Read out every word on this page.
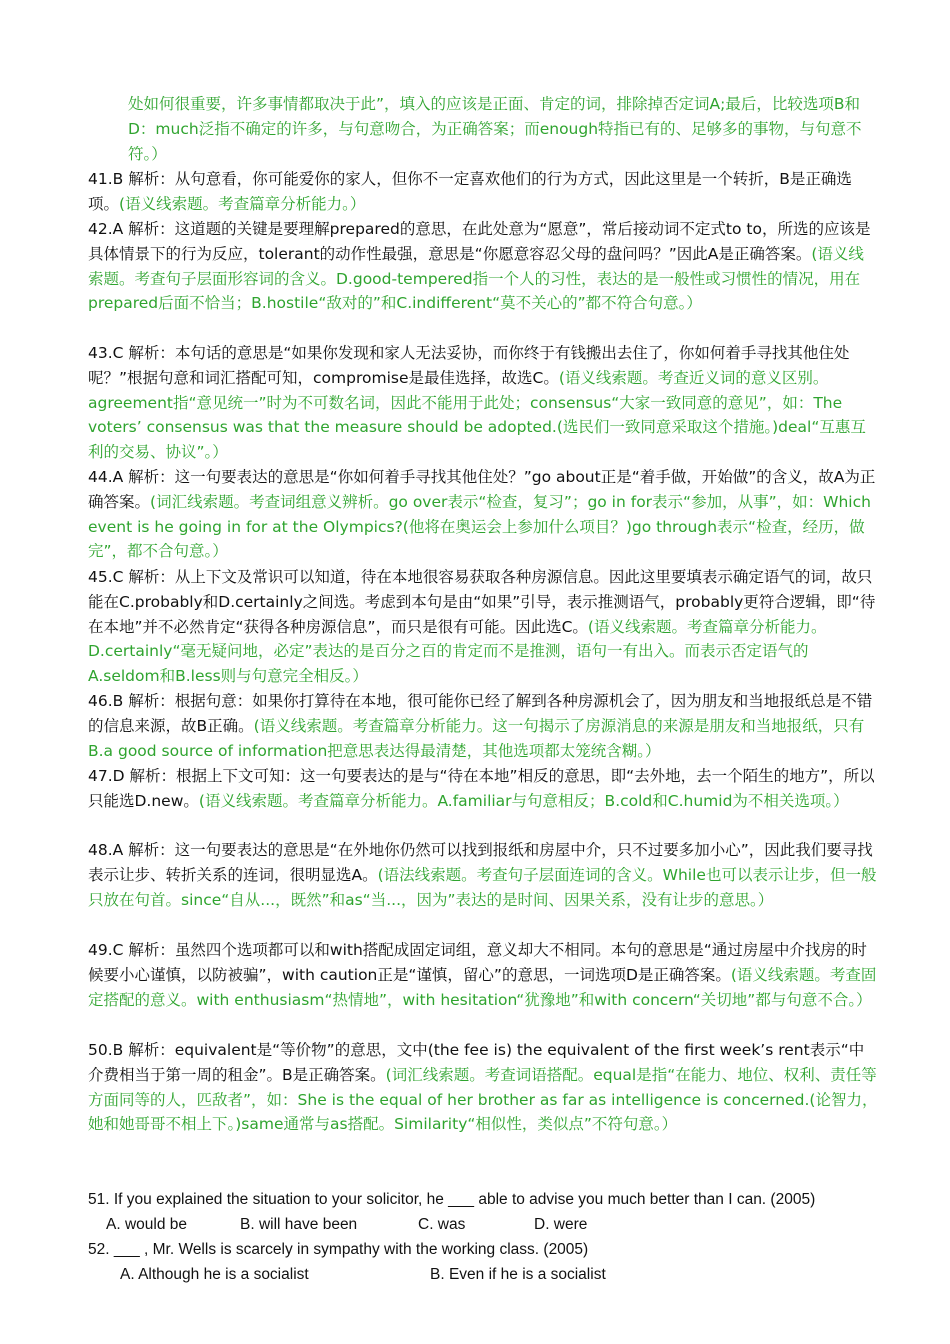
处如何很重要，许多事情都取决于此”，填入的应该是正面、肯定的词，排除掉否定词A;最后，比较选项B和D：much泛指不确定的许多，与句意吻合，为正确答案；而enough特指已有的、足够多的事物，与句意不符。）
41.B 解析：从句意看，你可能爱你的家人，但你不一定喜欢他们的行为方式，因此这里是一个转折，B是正确选项。(语义线索题。考查篇章分析能力。）
42.A 解析：这道题的关键是要理解prepared的意思，在此处意为“愿意”，常后接动词不定式to to，所选的应该是具体情景下的行为反应，tolerant的动作性最强，意思是“你愿意容忍父母的盘问吗？”因此A是正确答案。(语义线索题。考查句子层面形容词的含义。D.good-tempered指一个人的习性，表达的是一般性或习惯性的情况，用在prepared后面不恰当；B.hostile“敌对的”和C.indifferent“莫不关心的”都不符合句意。）
43.C 解析：本句话的意思是“如果你发现和家人无法妥协，而你终于有钱搬出去住了，你如何着手寻找其他住处呢？”根据句意和词汇搭配可知，compromise是最佳选择，故选C。(语义线索题。考查近义词的意义区别。agreement指“意见统一”时为不可数名词，因此不能用于此处；consensus“大家一致同意的意见”，如：The voters’ consensus was that the measure should be adopted.(选民们一致同意采取这个措施。)deal“互惠互利的交易、协议”。）
44.A 解析：这一句要表达的意思是“你如何着手寻找其他住处？”go about正是“着手做，开始做”的含义，故A为正确答案。(词汇线索题。考查词组意义辨析。go over表示“检查，复习”；go in for表示“参加，从事”，如：Which event is he going in for at the Olympics?(他将在奥运会上参加什么项目？)go through表示“检查，经历，做完”，都不合句意。）
45.C 解析：从上下文及常识可以知道，待在本地很容易获取各种房源信息。因此这里要填表示确定语气的词，故只能在C.probably和D.certainly之间选。考虑到本句是由“如果”引导，表示推测语气，probably更符合逻辑，即“待在本地”并不必然肯定“获得各种房源信息”，而只是很有可能。因此选C。(语义线索题。考查篇章分析能力。D.certainly“毫无疑问地，必定”表达的是百分之百的肯定而不是推测，语句一有出入。而表示否定语气的A.seldom和B.less则与句意完全相反。）
46.B 解析：根据句意：如果你打算待在本地，很可能你已经了解到各种房源机会了，因为朋友和当地报纸总是不错的信息来源，故B正确。(语义线索题。考查篇章分析能力。这一句揭示了房源消息的来源是朋友和当地报纸，只有B.a good source of information把意思表达得最清楚，其他选项都太笼统含糊。）
47.D 解析：根据上下文可知：这一句要表达的是与“待在本地”相反的意思，即“去外地，去一个陌生的地方”，所以只能选D.new。(语义线索题。考查篇章分析能力。A.familiar与句意相反；B.cold和C.humid为不相关选项。）
48.A 解析：这一句要表达的意思是“在外地你仍然可以找到报纸和房屋中介，只不过要多加小心”，因此我们要寻找表示让步、转折关系的连词，很明显选A。(语法线索题。考查句子层面连词的含义。While也可以表示让步，但一般只放在句首。since“自从...，既然”和as“当...，因为”表达的是时间、因果关系，没有让步的意思。）
49.C 解析：虽然四个选项都可以和with搭配成固定词组，意义却大不相同。本句的意思是“通过房屋中介找房的时候要小心谨慎，以防被骗”，with caution正是“谨慎，留心”的意思，一词选项D是正确答案。(语义线索题。考查固定搭配的意义。with enthusiasm“热情地”，with hesitation“犹豫地”和with concern“关切地”都与句意不合。）
50.B 解析：equivalent是“等价物”的意思，文中(the fee is) the equivalent of the first week’s rent表示“中介费相当于第一周的租金”。B是正确答案。(词汇线索题。考查词语搭配。equal是指“在能力、地位、权利、责任等方面同等的人，匹敌者”，如：She is the equal of her brother as far as intelligence is concerned.(论智力，她和她哥哥不相上下。)same通常与as搭配。Similarity“相似性，类似点”不符句意。）
51. If you explained the situation to your solicitor, he ___ able to advise you much better than I can. (2005)
A. would be	B. will have been	C. was	D. were
52. ___ , Mr. Wells is scarcely in sympathy with the working class. (2005)
A. Although he is a socialist	B. Even if he is a socialist
